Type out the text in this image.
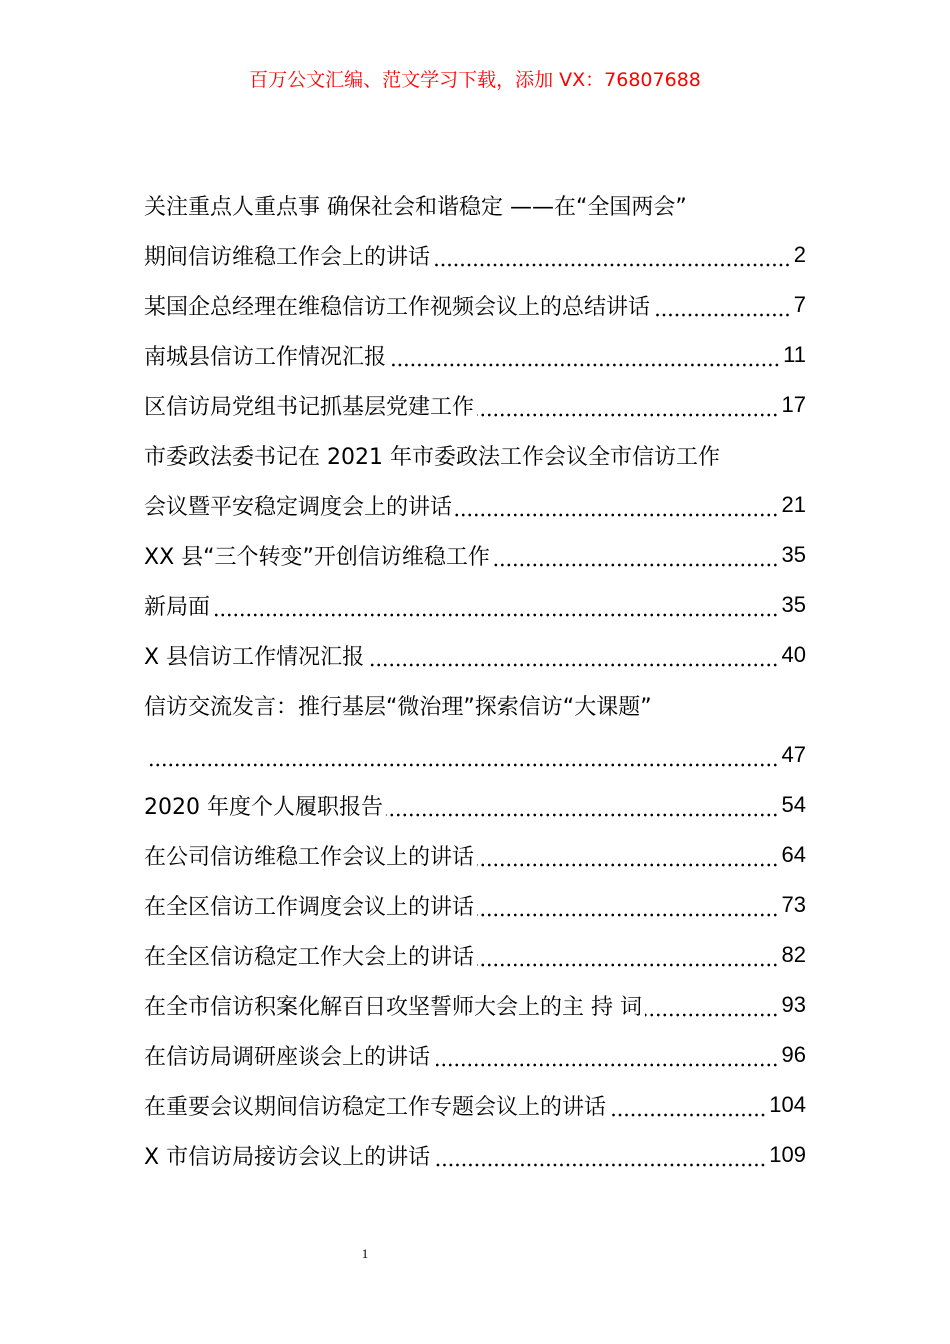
百万公文汇编、范文学习下载，添加 VX：76807688
关注重点人重点事 确保社会和谐稳定 ——在“全国两会”
期间信访维稳工作会上的讲话	2
某国企总经理在维稳信访工作视频会议上的总结讲话	7
南城县信访工作情况汇报	11
区信访局党组书记抓基层党建工作	17
市委政法委书记在 2021 年市委政法工作会议全市信访工作
会议暨平安稳定调度会上的讲话	21
XX 县“三个转变”开创信访维稳工作	35
新局面	35
X 县信访工作情况汇报	40
信访交流发言：推行基层“微治理”探索信访“大课题”
47
2020 年度个人履职报告	54
在公司信访维稳工作会议上的讲话	64
在全区信访工作调度会议上的讲话	73
在全区信访稳定工作大会上的讲话	82
在全市信访积案化解百日攻坚誓师大会上的主 持 词	93
在信访局调研座谈会上的讲话	96
在重要会议期间信访稳定工作专题会议上的讲话	104
X 市信访局接访会议上的讲话	109
1
